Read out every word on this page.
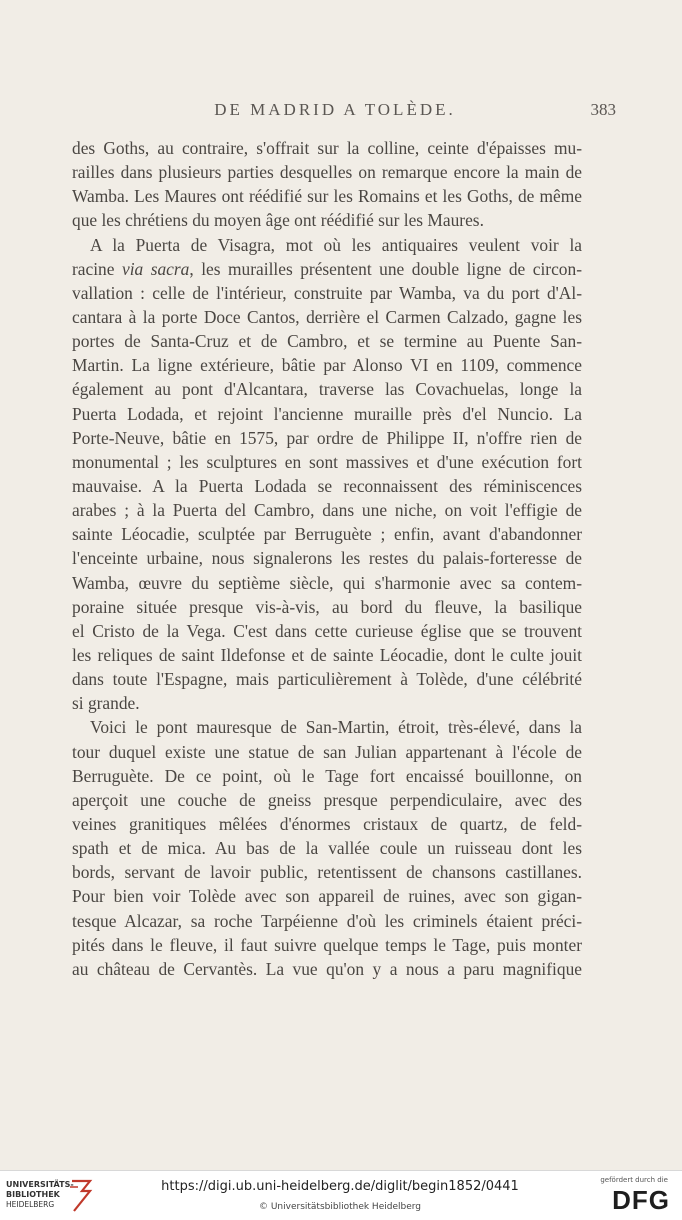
DE MADRID A TOLÈDE.	383
des Goths, au contraire, s'offrait sur la colline, ceinte d'épaisses mu-
railles dans plusieurs parties desquelles on remarque encore la main de
Wamba. Les Maures ont réédifié sur les Romains et les Goths, de même
que les chrétiens du moyen âge ont réédifié sur les Maures.
A la Puerta de Visagra, mot où les antiquaires veulent voir la
racine via sacra, les murailles présentent une double ligne de circon-
vallation : celle de l'intérieur, construite par Wamba, va du port d'Al-
cantara à la porte Doce Cantos, derrière el Carmen Calzado, gagne les
portes de Santa-Cruz et de Cambro, et se termine au Puente San-
Martin. La ligne extérieure, bâtie par Alonso VI en 1109, commence
également au pont d'Alcantara, traverse las Covachuelas, longe la
Puerta Lodada, et rejoint l'ancienne muraille près d'el Nuncio. La
Porte-Neuve, bâtie en 1575, par ordre de Philippe II, n'offre rien de
monumental ; les sculptures en sont massives et d'une exécution fort
mauvaise. A la Puerta Lodada se reconnaissent des réminiscences
arabes ; à la Puerta del Cambro, dans une niche, on voit l'effigie de
sainte Léocadie, sculptée par Berruguète ; enfin, avant d'abandonner
l'enceinte urbaine, nous signalerons les restes du palais-forteresse de
Wamba, œuvre du septième siècle, qui s'harmonie avec sa contem-
poraine située presque vis-à-vis, au bord du fleuve, la basilique
el Cristo de la Vega. C'est dans cette curieuse église que se trouvent
les reliques de saint Ildefonse et de sainte Léocadie, dont le culte jouit
dans toute l'Espagne, mais particulièrement à Tolède, d'une célébrité
si grande.
Voici le pont mauresque de San-Martin, étroit, très-élevé, dans la
tour duquel existe une statue de san Julian appartenant à l'école de
Berruguète. De ce point, où le Tage fort encaissé bouillonne, on
aperçoit une couche de gneiss presque perpendiculaire, avec des
veines granitiques mêlées d'énormes cristaux de quartz, de feld-
spath et de mica. Au bas de la vallée coule un ruisseau dont les
bords, servant de lavoir public, retentissent de chansons castillanes.
Pour bien voir Tolède avec son appareil de ruines, avec son gigan-
tesque Alcazar, sa roche Tarpéienne d'où les criminels étaient préci-
pités dans le fleuve, il faut suivre quelque temps le Tage, puis monter
au château de Cervantès. La vue qu'on y a nous a paru magnifique
UNIVERSITÄTS-
BIBLIOTHEK
HEIDELBERG
https://digi.ub.uni-heidelberg.de/diglit/begin1852/0441
© Universitätsbibliothek Heidelberg
gefördert durch die
DFG
